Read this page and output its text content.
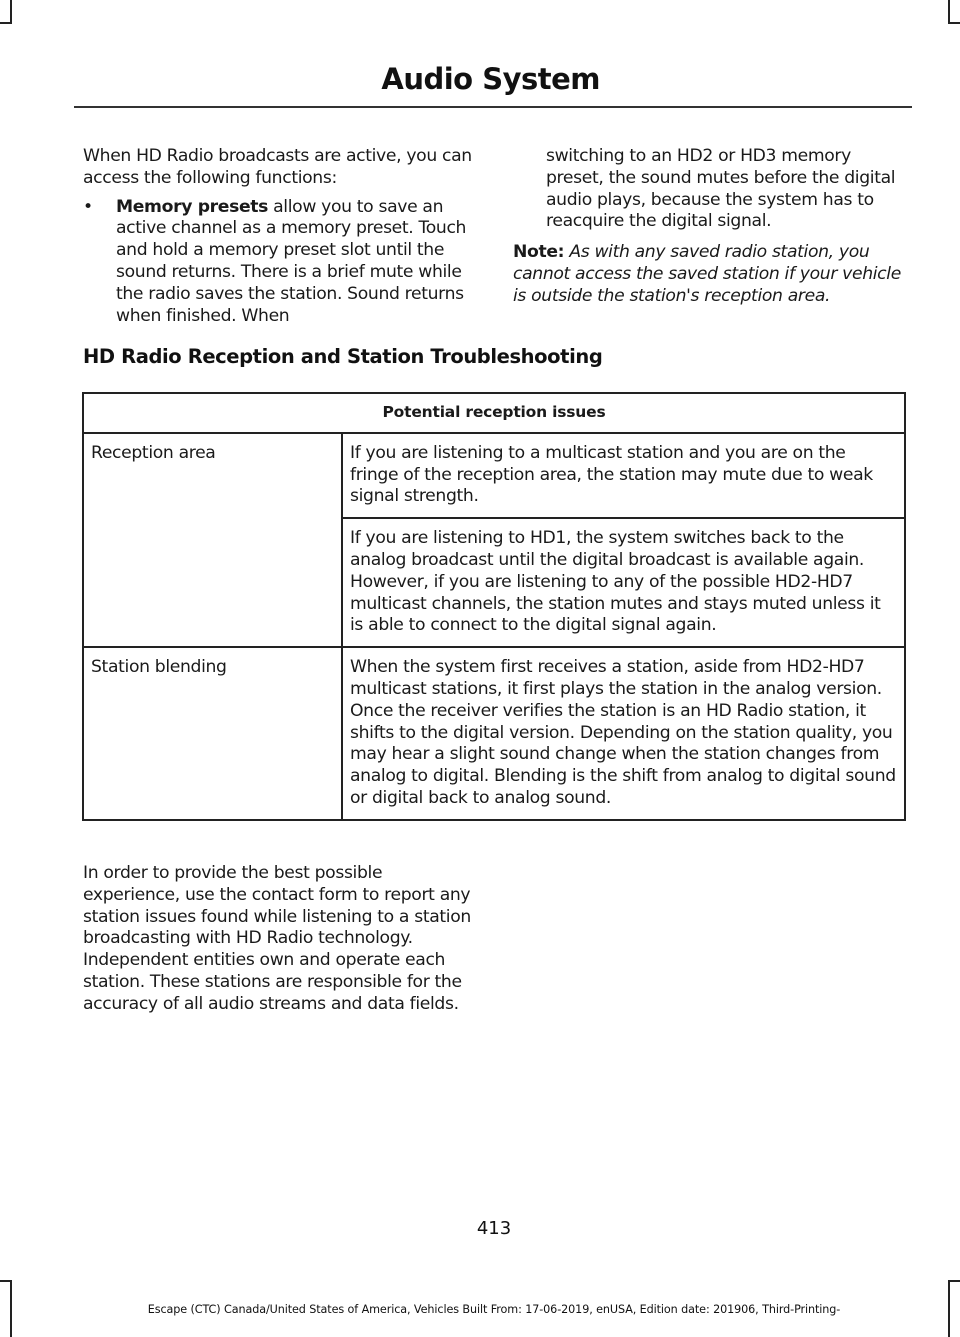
Audio System

When HD Radio broadcasts are active, you can access the following functions:

• Memory presets allow you to save an active channel as a memory preset. Touch and hold a memory preset slot until the sound returns. There is a brief mute while the radio saves the station. Sound returns when finished. When

switching to an HD2 or HD3 memory preset, the sound mutes before the digital audio plays, because the system has to reacquire the digital signal.

Note: As with any saved radio station, you cannot access the saved station if your vehicle is outside the station's reception area.

HD Radio Reception and Station Troubleshooting
Potential reception issues	
Reception area	If you are listening to a multicast station and you are on the fringe of the reception area, the station may mute due to weak signal strength.
	If you are listening to HD1, the system switches back to the analog broadcast until the digital broadcast is available again. However, if you are listening to any of the possible HD2-HD7 multicast channels, the station mutes and stays muted unless it is able to connect to the digital signal again.
Station blending	When the system first receives a station, aside from HD2-HD7 multicast stations, it first plays the station in the analog version. Once the receiver verifies the station is an HD Radio station, it shifts to the digital version. Depending on the station quality, you may hear a slight sound change when the station changes from analog to digital. Blending is the shift from analog to digital sound or digital back to analog sound.

In order to provide the best possible experience, use the contact form to report any station issues found while listening to a station broadcasting with HD Radio technology. Independent entities own and operate each station. These stations are responsible for the accuracy of all audio streams and data fields.

413
Escape (CTC) Canada/United States of America, Vehicles Built From: 17-06-2019, enUSA, Edition date: 201906, Third-Printing-
